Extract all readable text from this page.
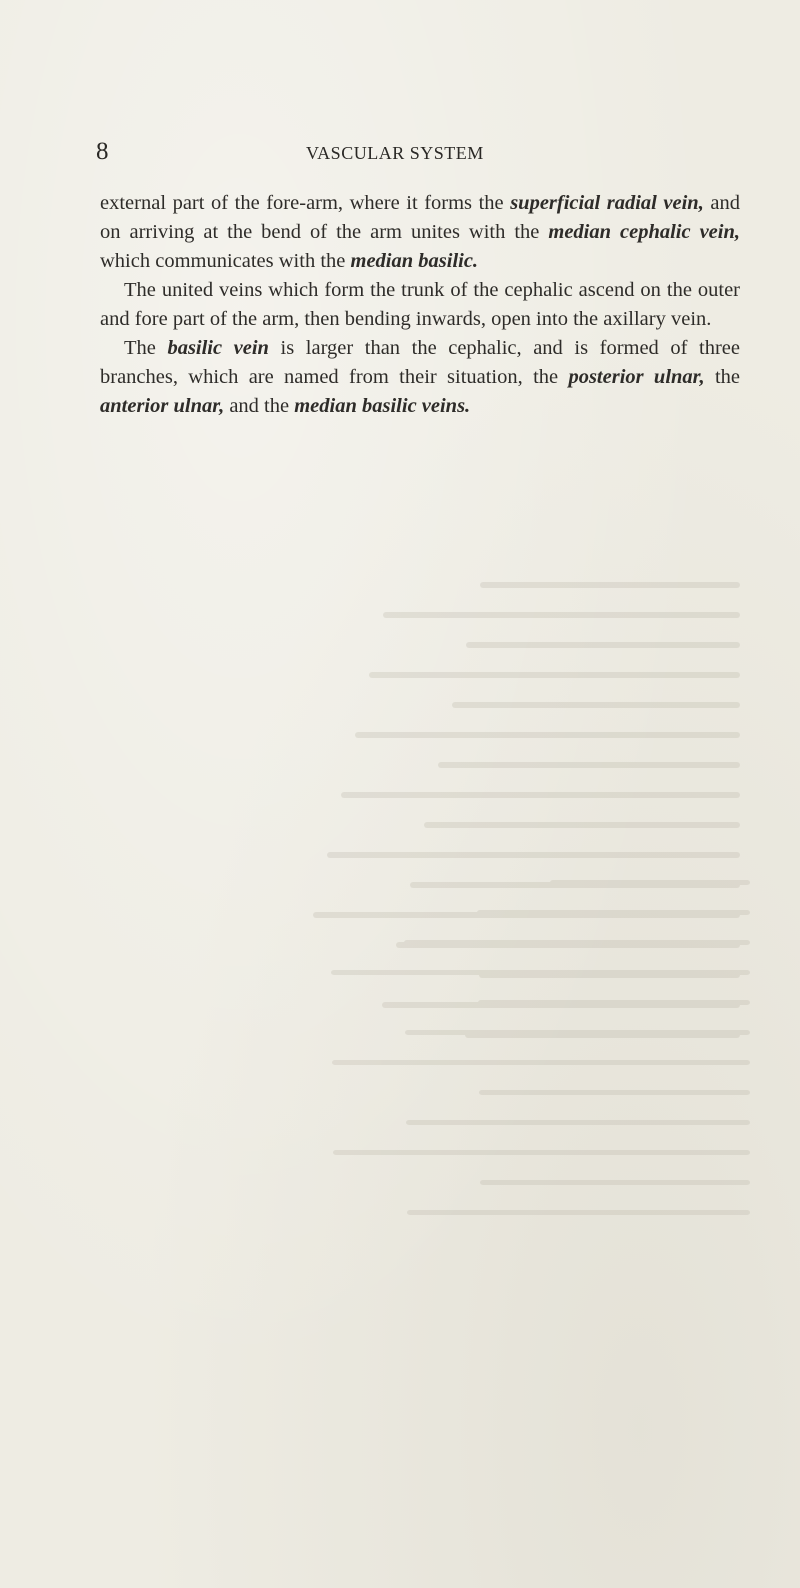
8	VASCULAR SYSTEM

external part of the fore-arm, where it forms the superficial radial vein, and on arriving at the bend of the arm unites with the median cephalic vein, which communicates with the median basilic.

The united veins which form the trunk of the cephalic ascend on the outer and fore part of the arm, then bending inwards, open into the axillary vein.

The basilic vein is larger than the cephalic, and is formed of three branches, which are named from their situation, the posterior ulnar, the anterior ulnar, and the median basilic veins.
